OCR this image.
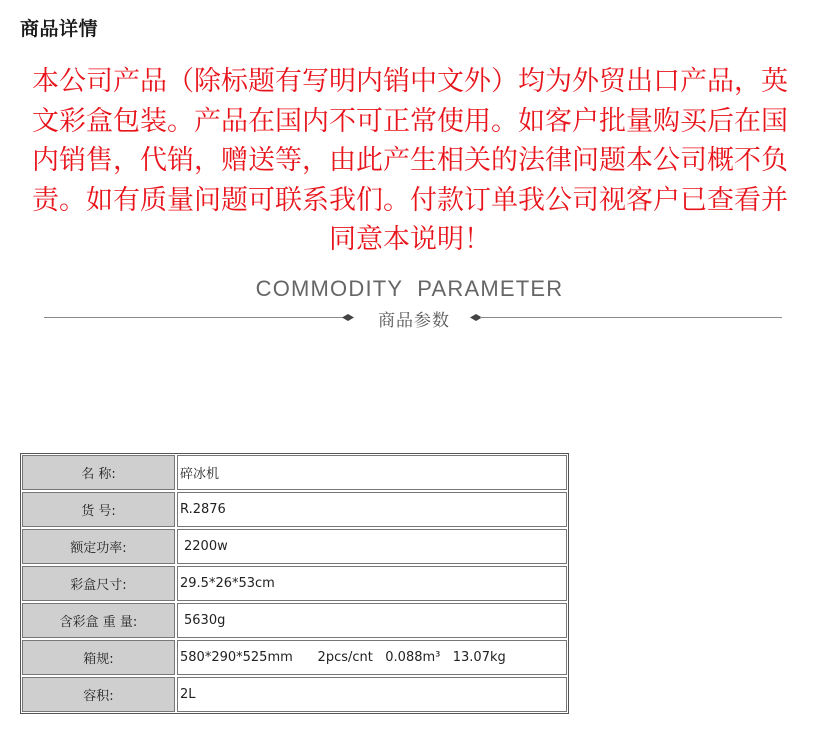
商品详情
本公司产品（除标题有写明内销中文外）均为外贸出口产品，英文彩盒包装。产品在国内不可正常使用。如客户批量购买后在国内销售，代销，赠送等，由此产生相关的法律问题本公司概不负责。如有质量问题可联系我们。付款订单我公司视客户已查看并同意本说明！
COMMODITY PARAMETER
商品参数
名 称:	碎冰机
货 号:	R.2876
额定功率:	2200w
彩盒尺寸:	29.5*26*53cm
含彩盒 重 量:	5630g
箱规:	580*290*525mm      2pcs/cnt   0.088m³   13.07kg
容积:	2L
